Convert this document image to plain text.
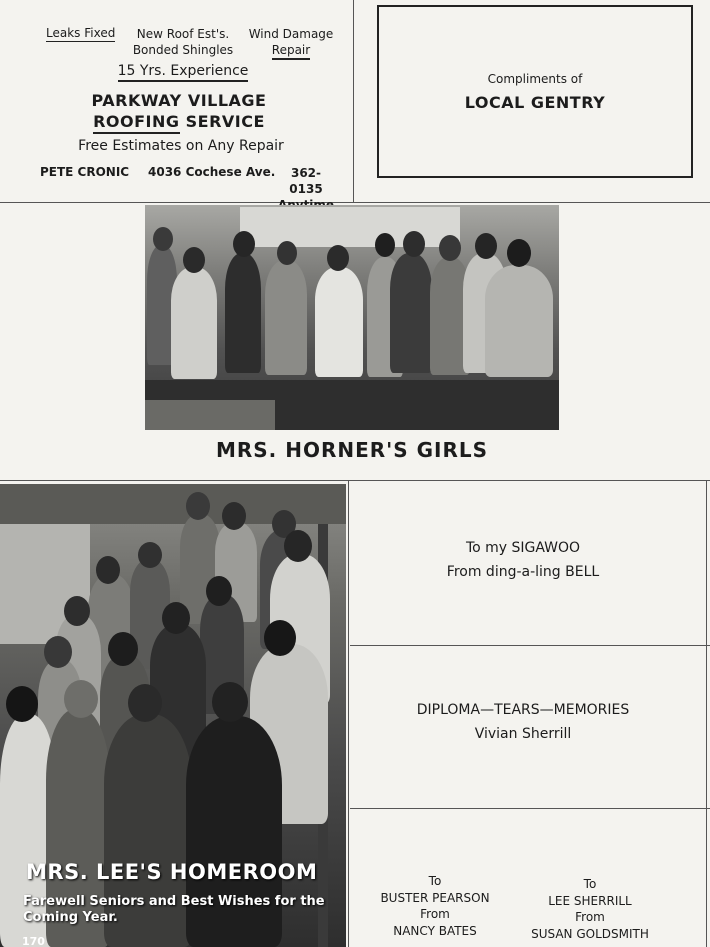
Leaks Fixed	New Roof Est's.
Bonded Shingles
Wind Damage
Repair
15 Yrs. Experience
PARKWAY VILLAGE
ROOFING SERVICE
Free Estimates on Any Repair
PETE CRONIC 4036 Cochese Ave.	362-0135
Compliments of
LOCAL GENTRY
MRS. HORNER'S GIRLS
MRS. LEE'S HOMEROOM
Farewell Seniors and Best Wishes for the
Coming Year.
170
To my SIGAWOO
From ding-a-ling BELL
DIPLOMA—TEARS—MEMORIES
Vivian Sherrill
To
BUSTER PEARSON
From
NANCY BATES
To
LEE SHERRILL
From
SUSAN GOLDSMITH
